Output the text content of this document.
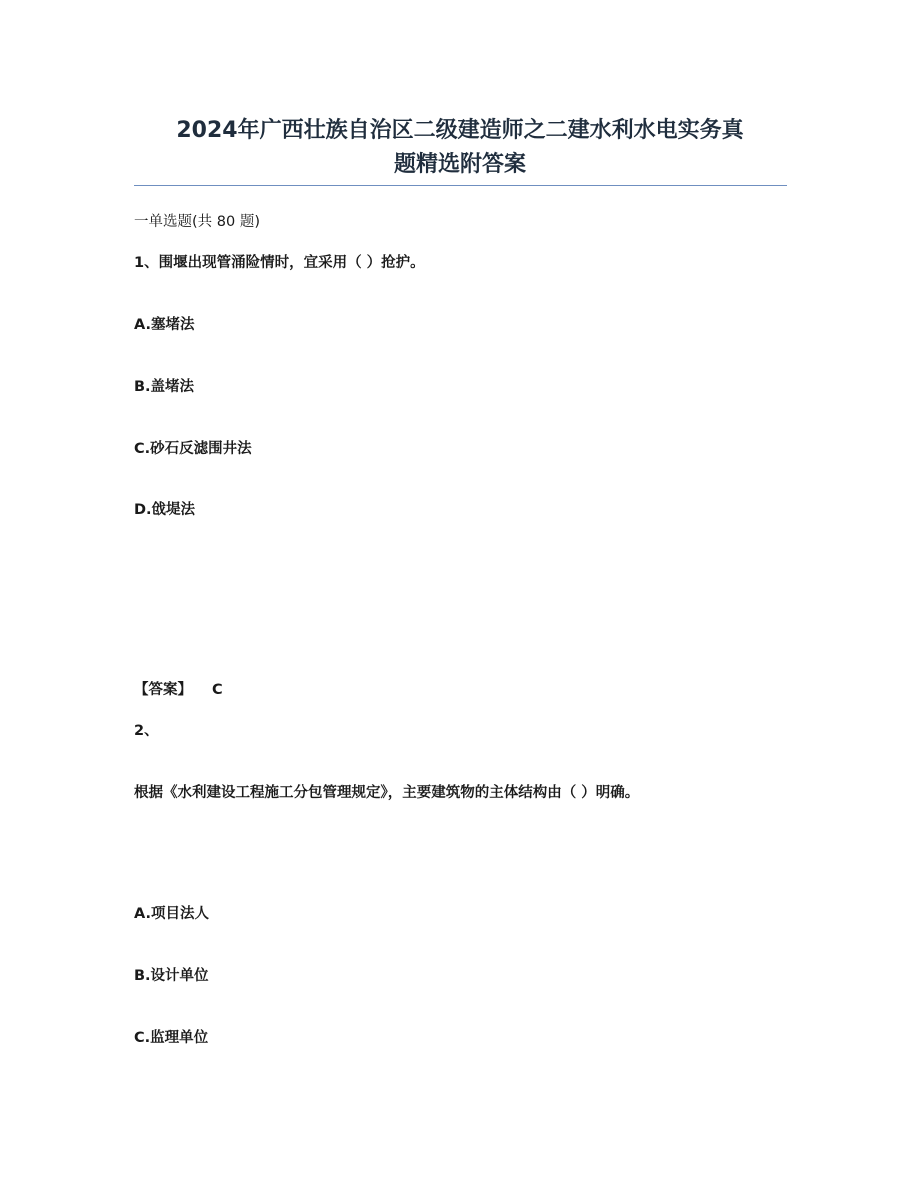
2024年广西壮族自治区二级建造师之二建水利水电实务真
题精选附答案
一单选题(共 80 题)
1、围堰出现管涌险情时，宜采用（ ）抢护。
A.塞堵法
B.盖堵法
C.砂石反滤围井法
D.戗堤法
【答案】 C
2、
根据《水利建设工程施工分包管理规定》，主要建筑物的主体结构由（ ）明确。
A.项目法人
B.设计单位
C.监理单位
